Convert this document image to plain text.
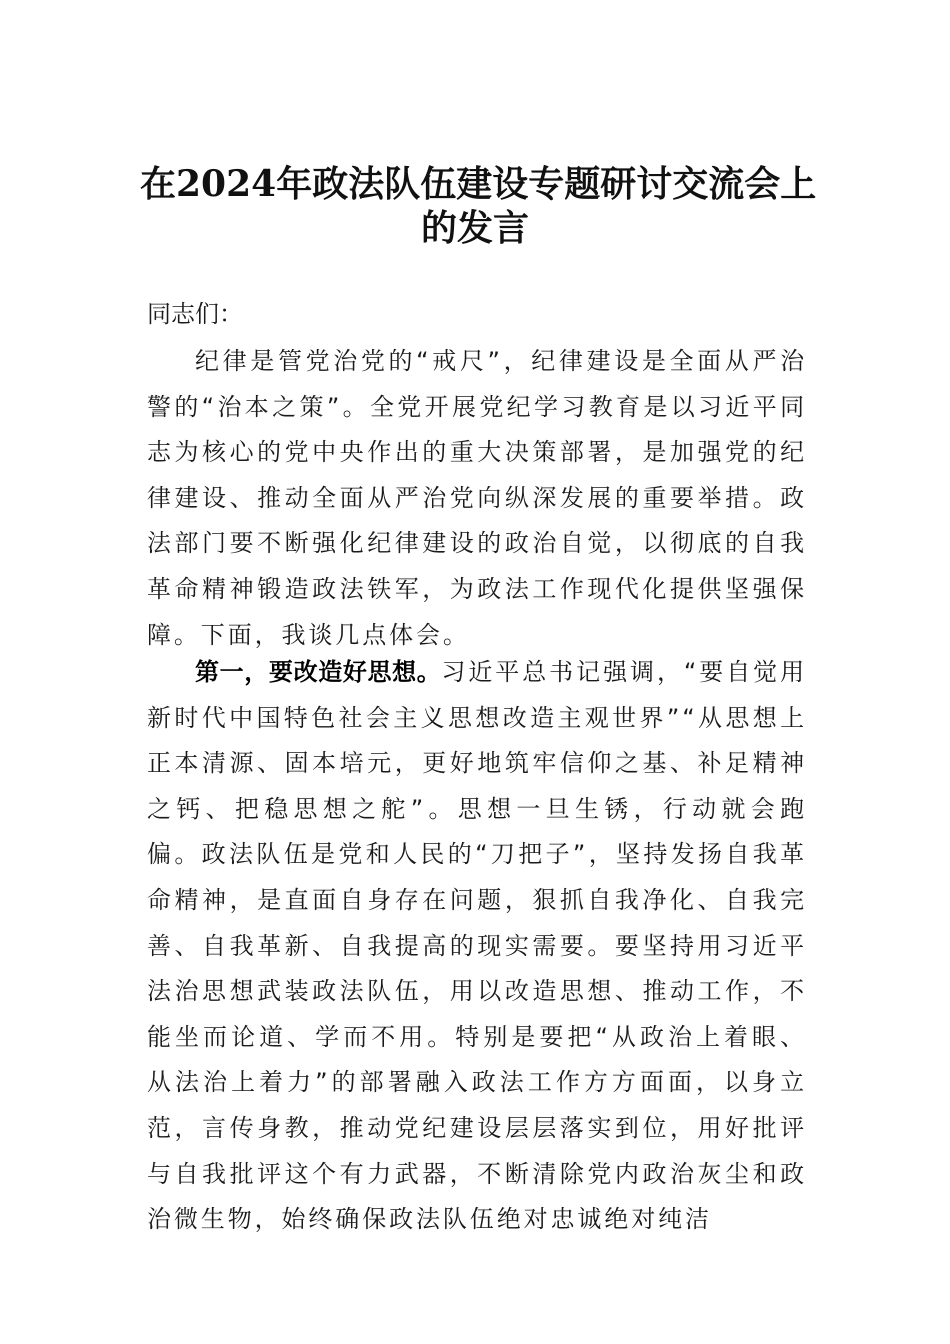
在2024年政法队伍建设专题研讨交流会上
的发言
同志们：

纪律是管党治党的“戒尺”，纪律建设是全面从严治警的“治本之策”。全党开展党纪学习教育是以习近平同志为核心的党中央作出的重大决策部署，是加强党的纪律建设、推动全面从严治党向纵深发展的重要举措。政法部门要不断强化纪律建设的政治自觉，以彻底的自我革命精神锻造政法铁军，为政法工作现代化提供坚强保障。下面，我谈几点体会。

第一，要改造好思想。习近平总书记强调，“要自觉用新时代中国特色社会主义思想改造主观世界”“从思想上正本清源、固本培元，更好地筑牢信仰之基、补足精神之钙、把稳思想之舵”。思想一旦生锈，行动就会跑偏。政法队伍是党和人民的“刀把子”，坚持发扬自我革命精神，是直面自身存在问题，狠抓自我净化、自我完善、自我革新、自我提高的现实需要。要坚持用习近平法治思想武装政法队伍，用以改造思想、推动工作，不能坐而论道、学而不用。特别是要把“从政治上着眼、从法治上着力”的部署融入政法工作方方面面，以身立范，言传身教，推动党纪建设层层落实到位，用好批评与自我批评这个有力武器，不断清除党内政治灰尘和政治微生物，始终确保政法队伍绝对忠诚绝对纯洁
